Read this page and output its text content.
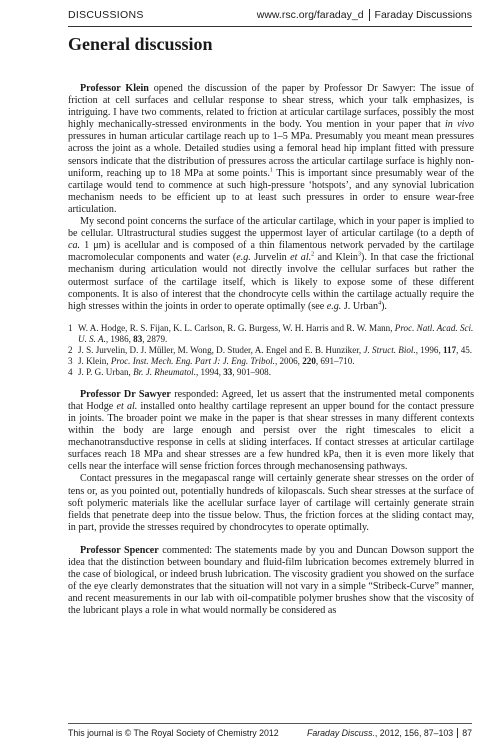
DISCUSSIONS	www.rsc.org/faraday_d Faraday Discussions
General discussion

Professor Klein opened the discussion of the paper by Professor Dr Sawyer: The issue of friction at cell surfaces and cellular response to shear stress, which your talk emphasizes, is intriguing. I have two comments, related to friction at articular cartilage surfaces, possibly the most highly mechanically-stressed environments in the body. You mention in your paper that in vivo pressures in human articular cartilage reach up to 1–5 MPa. Presumably you meant mean pressures across the joint as a whole. Detailed studies using a femoral head hip implant fitted with pressure sensors indicate that the distribution of pressures across the articular cartilage surface is highly non-uniform, reaching up to 18 MPa at some points.$^1$ This is important since presumably wear of the cartilage would tend to commence at such high-pressure ‘hotspots’, and any synovial lubrication mechanism needs to be efficient up to at least such pressures in order to ensure wear-free articulation.

My second point concerns the surface of the articular cartilage, which in your paper is implied to be cellular. Ultrastructural studies suggest the uppermost layer of articular cartilage (to a depth of ca. 1 μm) is acellular and is composed of a thin filamentous network pervaded by the cartilage macromolecular components and water (e.g. Jurvelin et al.$^2$ and Klein$^3$). In that case the frictional mechanism during articulation would not directly involve the cellular surfaces but rather the outermost surface of the cartilage itself, which is likely to expose some of these different components. It is also of interest that the chondrocyte cells within the cartilage actually require the high stresses within the joints in order to operate optimally (see e.g. J. Urban$^4$).

1 W. A. Hodge, R. S. Fijan, K. L. Carlson, R. G. Burgess, W. H. Harris and R. W. Mann, Proc. Natl. Acad. Sci. U. S. A., 1986, 83, 2879.
2 J. S. Jurvelin, D. J. Müller, M. Wong, D. Studer, A. Engel and E. B. Hunziker, J. Struct. Biol., 1996, 117, 45.
3 J. Klein, Proc. Inst. Mech. Eng. Part J: J. Eng. Tribol., 2006, 220, 691–710.
4 J. P. G. Urban, Br. J. Rheumatol., 1994, 33, 901–908.

Professor Dr Sawyer responded: Agreed, let us assert that the instrumented metal components that Hodge et al. installed onto healthy cartilage represent an upper bound for the contact pressure in joints. The broader point we make in the paper is that shear stresses in many different contexts within the body are large enough and persist over the right timescales to elicit a mechanotransductive response in cells at sliding interfaces. If contact stresses at articular cartilage surfaces reach 18 MPa and shear stresses are a few hundred kPa, then it is even more likely that cells near the interface will sense friction forces through mechanosensing pathways.

Contact pressures in the megapascal range will certainly generate shear stresses on the order of tens or, as you pointed out, potentially hundreds of kilopascals. Such shear stresses at the surface of soft polymeric materials like the acellular surface layer of cartilage will certainly generate strain fields that penetrate deep into the tissue below. Thus, the friction forces at the sliding contact may, in part, provide the stresses required by chondrocytes to operate optimally.

Professor Spencer commented: The statements made by you and Duncan Dowson support the idea that the distinction between boundary and fluid-film lubrication becomes extremely blurred in the case of biological, or indeed brush lubrication. The viscosity gradient you showed on the surface of the eye clearly demonstrates that the situation will not vary in a simple “Stribeck-Curve” manner, and recent measurements in our lab with oil-compatible polymer brushes show that the viscosity of the lubricant plays a role in what would normally be considered as

This journal is © The Royal Society of Chemistry 2012	Faraday Discuss., 2012, 156, 87–103 87
